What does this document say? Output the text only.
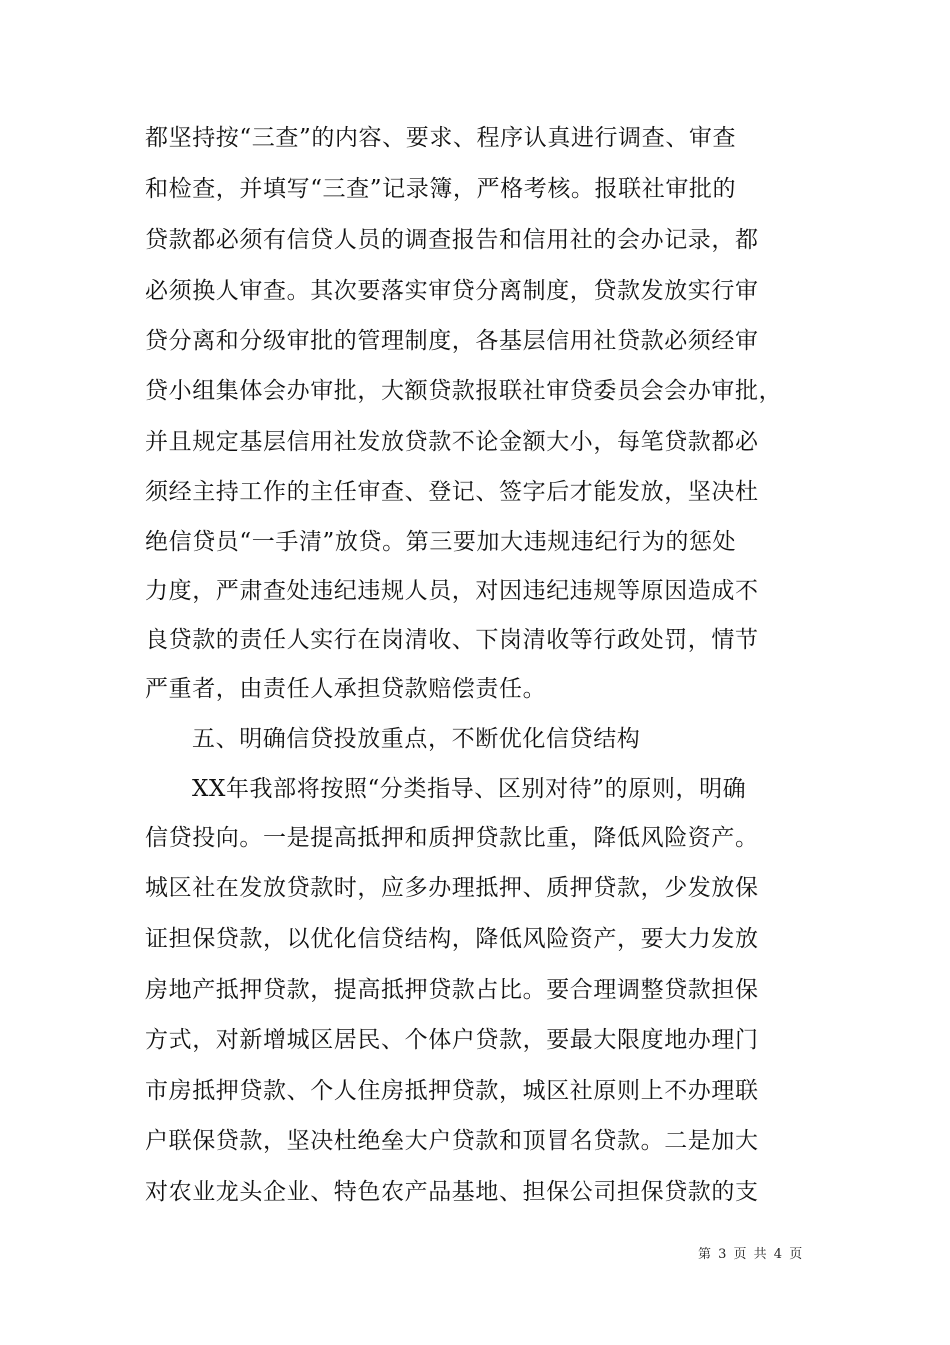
都坚持按“三查”的内容、要求、程序认真进行调查、审查
和检查，并填写“三查”记录簿，严格考核。报联社审批的
贷款都必须有信贷人员的调查报告和信用社的会办记录，都
必须换人审查。其次要落实审贷分离制度，贷款发放实行审
贷分离和分级审批的管理制度，各基层信用社贷款必须经审
贷小组集体会办审批，大额贷款报联社审贷委员会会办审批，
并且规定基层信用社发放贷款不论金额大小，每笔贷款都必
须经主持工作的主任审查、登记、签字后才能发放，坚决杜
绝信贷员“一手清”放贷。第三要加大违规违纪行为的惩处
力度，严肃查处违纪违规人员，对因违纪违规等原因造成不
良贷款的责任人实行在岗清收、下岗清收等行政处罚，情节
严重者，由责任人承担贷款赔偿责任。
五、明确信贷投放重点，不断优化信贷结构
XX年我部将按照“分类指导、区别对待”的原则，明确
信贷投向。一是提高抵押和质押贷款比重，降低风险资产。
城区社在发放贷款时，应多办理抵押、质押贷款，少发放保
证担保贷款，以优化信贷结构，降低风险资产，要大力发放
房地产抵押贷款，提高抵押贷款占比。要合理调整贷款担保
方式，对新增城区居民、个体户贷款，要最大限度地办理门
市房抵押贷款、个人住房抵押贷款，城区社原则上不办理联
户联保贷款，坚决杜绝垒大户贷款和顶冒名贷款。二是加大
对农业龙头企业、特色农产品基地、担保公司担保贷款的支
第 3 页 共 4 页
